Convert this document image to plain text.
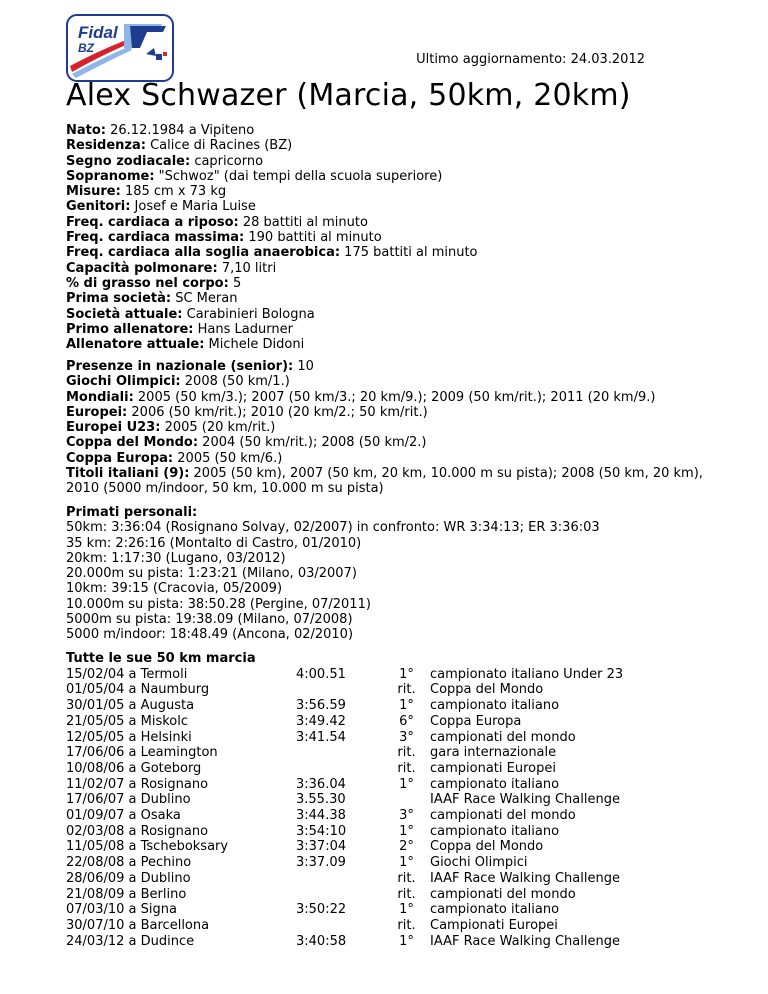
Fidal
BZ
Ultimo aggiornamento: 24.03.2012
Alex Schwazer (Marcia, 50km, 20km)
Nato: 26.12.1984 a Vipiteno
Residenza: Calice di Racines (BZ)
Segno zodiacale: capricorno
Sopranome: "Schwoz" (dai tempi della scuola superiore)
Misure: 185 cm x 73 kg
Genitori: Josef e Maria Luise
Freq. cardiaca a riposo: 28 battiti al minuto
Freq. cardiaca massima: 190 battiti al minuto
Freq. cardiaca alla soglia anaerobica: 175 battiti al minuto
Capacità polmonare: 7,10 litri
% di grasso nel corpo: 5
Prima società: SC Meran
Società attuale: Carabinieri Bologna
Primo allenatore: Hans Ladurner
Allenatore attuale: Michele Didoni
Presenze in nazionale (senior): 10
Giochi Olimpici: 2008 (50 km/1.)
Mondiali: 2005 (50 km/3.); 2007 (50 km/3.; 20 km/9.); 2009 (50 km/rit.); 2011 (20 km/9.)
Europei: 2006 (50 km/rit.); 2010 (20 km/2.; 50 km/rit.)
Europei U23: 2005 (20 km/rit.)
Coppa del Mondo: 2004 (50 km/rit.); 2008 (50 km/2.)
Coppa Europa: 2005 (50 km/6.)
Titoli italiani (9): 2005 (50 km), 2007 (50 km, 20 km, 10.000 m su pista); 2008 (50 km, 20 km), 2010 (5000 m/indoor, 50 km, 10.000 m su pista)
Primati personali:
50km: 3:36:04 (Rosignano Solvay, 02/2007) in confronto: WR 3:34:13; ER 3:36:03
35 km: 2:26:16 (Montalto di Castro, 01/2010)
20km: 1:17:30 (Lugano, 03/2012)
20.000m su pista: 1:23:21 (Milano, 03/2007)
10km: 39:15 (Cracovia, 05/2009)
10.000m su pista: 38:50.28 (Pergine, 07/2011)
5000m su pista: 19:38.09 (Milano, 07/2008)
5000 m/indoor: 18:48.49 (Ancona, 02/2010)
Tutte le sue 50 km marcia			
15/02/04 a Termoli	4:00.51	1°	campionato italiano Under 23
01/05/04 a Naumburg		rit.	Coppa del Mondo
30/01/05 a Augusta	3:56.59	1°	campionato italiano
21/05/05 a Miskolc	3:49.42	6°	Coppa Europa
12/05/05 a Helsinki	3:41.54	3°	campionati del mondo
17/06/06 a Leamington		rit.	gara internazionale
10/08/06 a Goteborg		rit.	campionati Europei
11/02/07 a Rosignano	3:36.04	1°	campionato italiano
17/06/07 a Dublino	3.55.30		IAAF Race Walking Challenge
01/09/07 a Osaka	3:44.38	3°	campionati del mondo
02/03/08 a Rosignano	3:54:10	1°	campionato italiano
11/05/08 a Tscheboksary	3:37:04	2°	Coppa del Mondo
22/08/08 a Pechino	3:37.09	1°	Giochi Olimpici
28/06/09 a Dublino		rit.	IAAF Race Walking Challenge
21/08/09 a Berlino		rit.	campionati del mondo
07/03/10 a Signa	3:50:22	1°	campionato italiano
30/07/10 a Barcellona		rit.	Campionati Europei
24/03/12 a Dudince	3:40:58	1°	IAAF Race Walking Challenge
